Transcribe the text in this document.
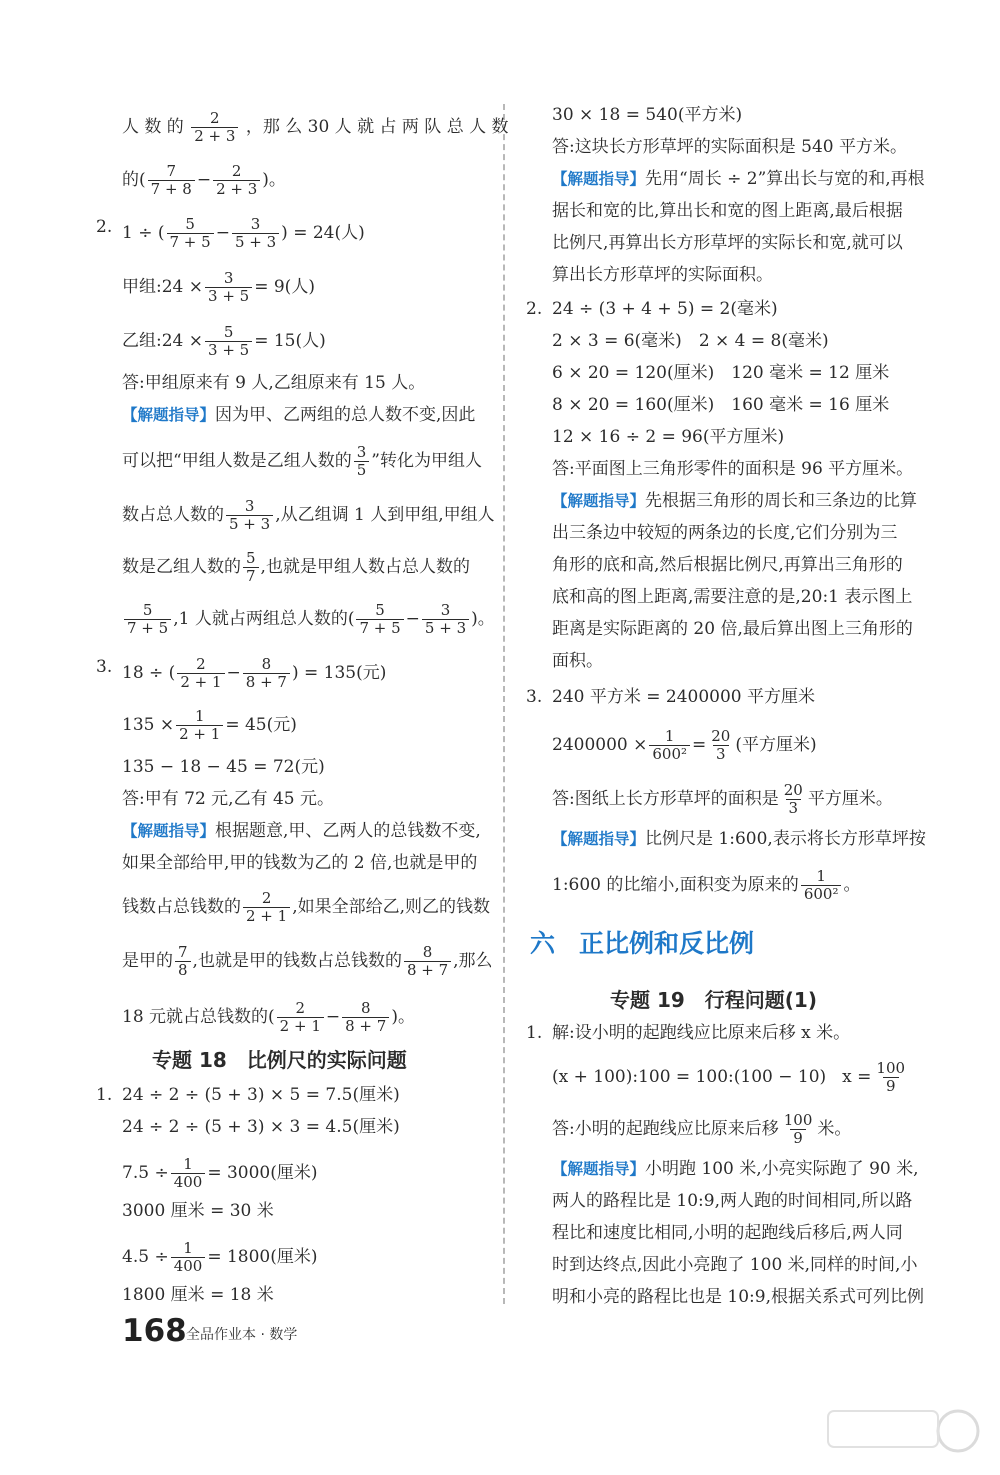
人 数 的 $\frac{2}{2 + 3}$ ，那 么 30 人 就 占 两 队 总 人 数
的( $\frac{7}{7 + 8} - \frac{2}{2 + 3}$ )。
2. 1 ÷ ( $\frac{5}{7 + 5} - \frac{3}{5 + 3}$ ) = 24(人)
甲组:24 × $\frac{3}{3 + 5} = 9$(人)
乙组:24 × $\frac{5}{3 + 5} = 15$(人)
答:甲组原来有 9 人,乙组原来有 15 人。
【解题指导】因为甲、乙两组的总人数不变,因此
可以把“甲组人数是乙组人数的 $\frac{3}{5}$ ”转化为甲组人
数占总人数的 $\frac{3}{5 + 3}$ ,从乙组调 1 人到甲组,甲组人
数是乙组人数的 $\frac{5}{7}$ ,也就是甲组人数占总人数的
$\frac{5}{7 + 5} ,1$ 人就占两组总人数的( $\frac{5}{7 + 5} - \frac{3}{5 + 3}$ )。
3. 18 ÷ ( $\frac{2}{2 + 1} - \frac{8}{8 + 7}$ ) = 135(元)
$135 \times \frac{1}{2 + 1} = 45$(元)
135 − 18 − 45 = 72(元)
答:甲有 72 元,乙有 45 元。
【解题指导】根据题意,甲、乙两人的总钱数不变,
如果全部给甲,甲的钱数为乙的 2 倍,也就是甲的
钱数占总钱数的 $\frac{2}{2 + 1}$ ,如果全部给乙,则乙的钱数
是甲的 $\frac{7}{8}$ ,也就是甲的钱数占总钱数的 $\frac{8}{8 + 7}$ ,那么
18 元就占总钱数的( $\frac{2}{2 + 1} - \frac{8}{8 + 7}$ )。
专题 18　比例尺的实际问题
1. 24 ÷ 2 ÷ (5 + 3) × 5 = 7.5(厘米)
24 ÷ 2 ÷ (5 + 3) × 3 = 4.5(厘米)
$7.5 \div \frac{1}{400} = 3000$(厘米)
3000 厘米 = 30 米
$4.5 \div \frac{1}{400} = 1800$(厘米)
1800 厘米 = 18 米
30 × 18 = 540(平方米)
答:这块长方形草坪的实际面积是 540 平方米。
【解题指导】先用“周长 ÷ 2”算出长与宽的和,再根
据长和宽的比,算出长和宽的图上距离,最后根据
比例尺,再算出长方形草坪的实际长和宽,就可以
算出长方形草坪的实际面积。
2. 24 ÷ (3 + 4 + 5) = 2(毫米)
2 × 3 = 6(毫米)　2 × 4 = 8(毫米)
6 × 20 = 120(厘米)　120 毫米 = 12 厘米
8 × 20 = 160(厘米)　160 毫米 = 16 厘米
12 × 16 ÷ 2 = 96(平方厘米)
答:平面图上三角形零件的面积是 96 平方厘米。
【解题指导】先根据三角形的周长和三条边的比算
出三条边中较短的两条边的长度,它们分别为三
角形的底和高,然后根据比例尺,再算出三角形的
底和高的图上距离,需要注意的是,20:1 表示图上
距离是实际距离的 20 倍,最后算出图上三角形的
面积。
3. 240 平方米 = 2400000 平方厘米
$2400000 \times \frac{1}{\text{600²}} = \frac{20}{3}$ (平方厘米)
答:图纸上长方形草坪的面积是 $\frac{20}{3}$ 平方厘米。
【解题指导】比例尺是 1:600,表示将长方形草坪按
1:600 的比缩小,面积变为原来的 $\frac{1}{\text{600²}}$ 。
六 正比例和反比例
专题 19　行程问题(1)
1. 解:设小明的起跑线应比原来后移 x 米。
(x + 100):100 = 100:(100 − 10) $x = \frac{100}{9}$
答:小明的起跑线应比原来后移 $\frac{100}{9}$ 米。
【解题指导】小明跑 100 米,小亮实际跑了 90 米,
两人的路程比是 10:9,两人跑的时间相同,所以路
程比和速度比相同,小明的起跑线后移后,两人同
时到达终点,因此小亮跑了 100 米,同样的时间,小
明和小亮的路程比也是 10:9,根据关系式可列比例
168 全品作业本 · 数学
